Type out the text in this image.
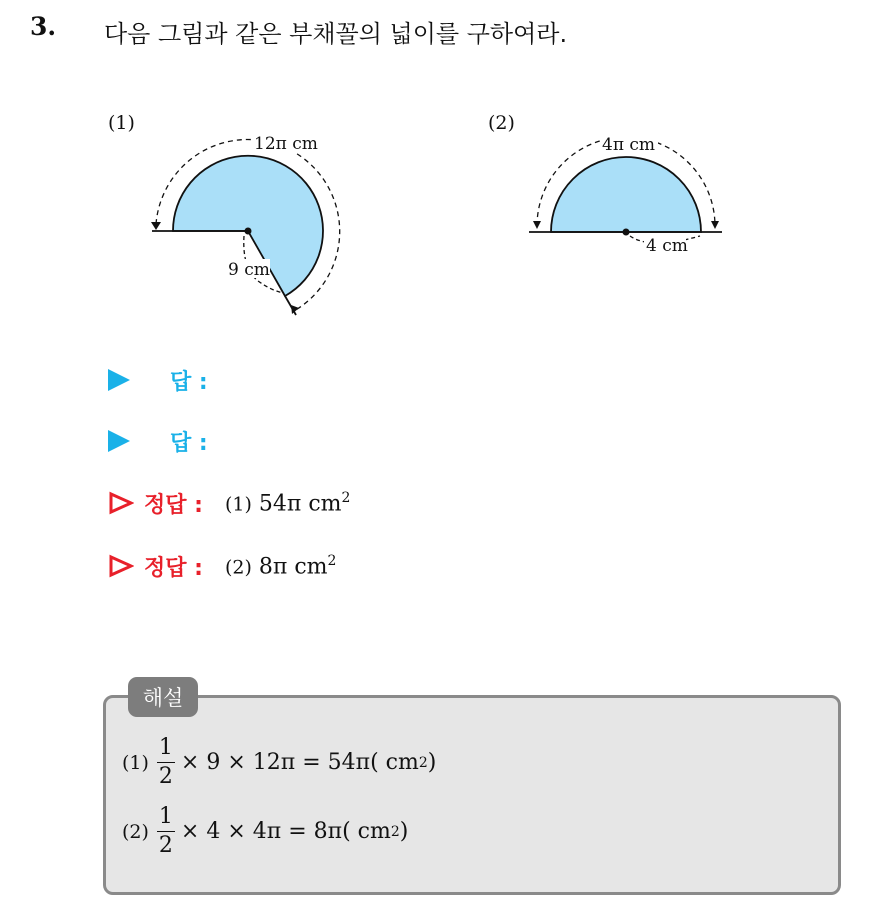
3. 다음 그림과 같은 부채꼴의 넓이를 구하여라.
(1)
12π cm
9 cm
(2)
4π cm
4 cm
답 :
답 :
정답 : (1) 54π $cm^2$
정답 : (2) 8π $cm^2$
해설
$(1) \frac{1}{2} \times 9 \times 12\pi = 54\pi$( cm 2 )
$(2) \frac{1}{2} \times 4 \times 4\pi = 8\pi$( cm 2 )
